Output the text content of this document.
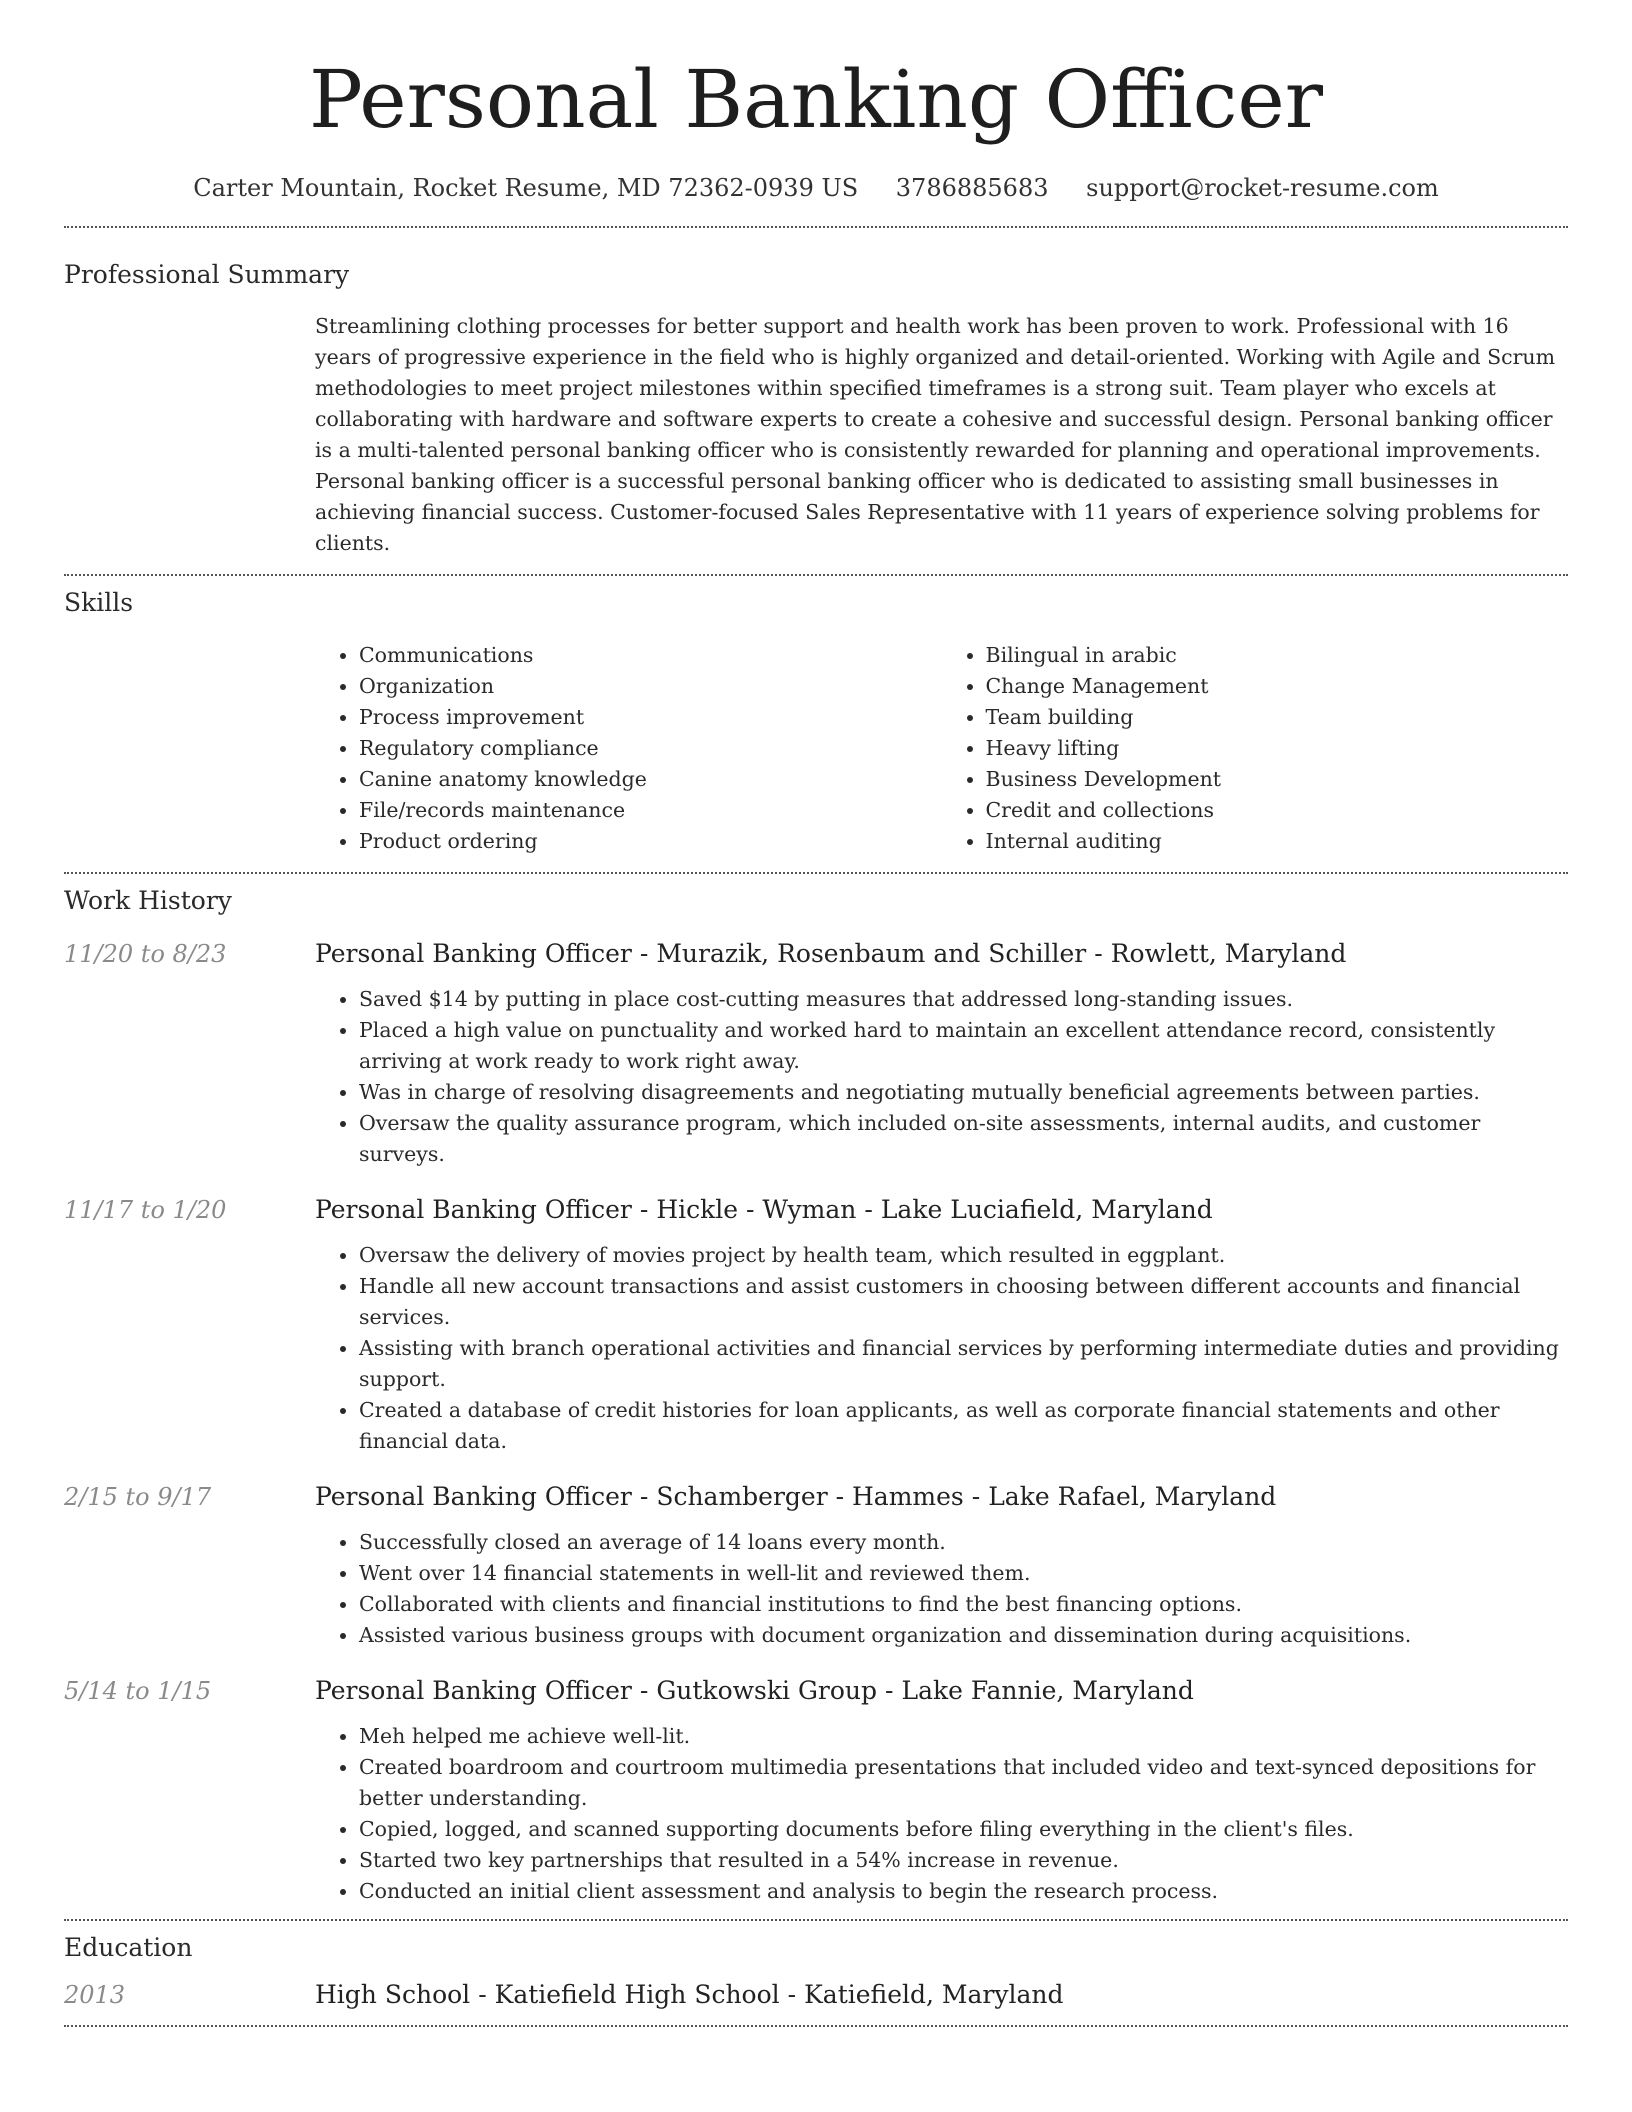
Personal Banking Officer
Carter Mountain, Rocket Resume, MD 72362-0939 US 3786885683 support@rocket-resume.com
Professional Summary
Streamlining clothing processes for better support and health work has been proven to work. Professional with 16 years of progressive experience in the field who is highly organized and detail-oriented. Working with Agile and Scrum methodologies to meet project milestones within specified timeframes is a strong suit. Team player who excels at collaborating with hardware and software experts to create a cohesive and successful design. Personal banking officer is a multi-talented personal banking officer who is consistently rewarded for planning and operational improvements. Personal banking officer is a successful personal banking officer who is dedicated to assisting small businesses in achieving financial success. Customer-focused Sales Representative with 11 years of experience solving problems for clients.
Skills
• Communications
• Organization
• Process improvement
• Regulatory compliance
• Canine anatomy knowledge
• File/records maintenance
• Product ordering
• Bilingual in arabic
• Change Management
• Team building
• Heavy lifting
• Business Development
• Credit and collections
• Internal auditing
Work History
11/20 to 8/23	Personal Banking Officer - Murazik, Rosenbaum and Schiller - Rowlett, Maryland
• Saved $14 by putting in place cost-cutting measures that addressed long-standing issues.
• Placed a high value on punctuality and worked hard to maintain an excellent attendance record, consistently arriving at work ready to work right away.
• Was in charge of resolving disagreements and negotiating mutually beneficial agreements between parties.
• Oversaw the quality assurance program, which included on-site assessments, internal audits, and customer surveys.
11/17 to 1/20	Personal Banking Officer - Hickle - Wyman - Lake Luciafield, Maryland
• Oversaw the delivery of movies project by health team, which resulted in eggplant.
• Handle all new account transactions and assist customers in choosing between different accounts and financial services.
• Assisting with branch operational activities and financial services by performing intermediate duties and providing support.
• Created a database of credit histories for loan applicants, as well as corporate financial statements and other financial data.
2/15 to 9/17	Personal Banking Officer - Schamberger - Hammes - Lake Rafael, Maryland
• Successfully closed an average of 14 loans every month.
• Went over 14 financial statements in well-lit and reviewed them.
• Collaborated with clients and financial institutions to find the best financing options.
• Assisted various business groups with document organization and dissemination during acquisitions.
5/14 to 1/15	Personal Banking Officer - Gutkowski Group - Lake Fannie, Maryland
• Meh helped me achieve well-lit.
• Created boardroom and courtroom multimedia presentations that included video and text-synced depositions for better understanding.
• Copied, logged, and scanned supporting documents before filing everything in the client's files.
• Started two key partnerships that resulted in a 54% increase in revenue.
• Conducted an initial client assessment and analysis to begin the research process.
Education
2013	High School - Katiefield High School - Katiefield, Maryland
